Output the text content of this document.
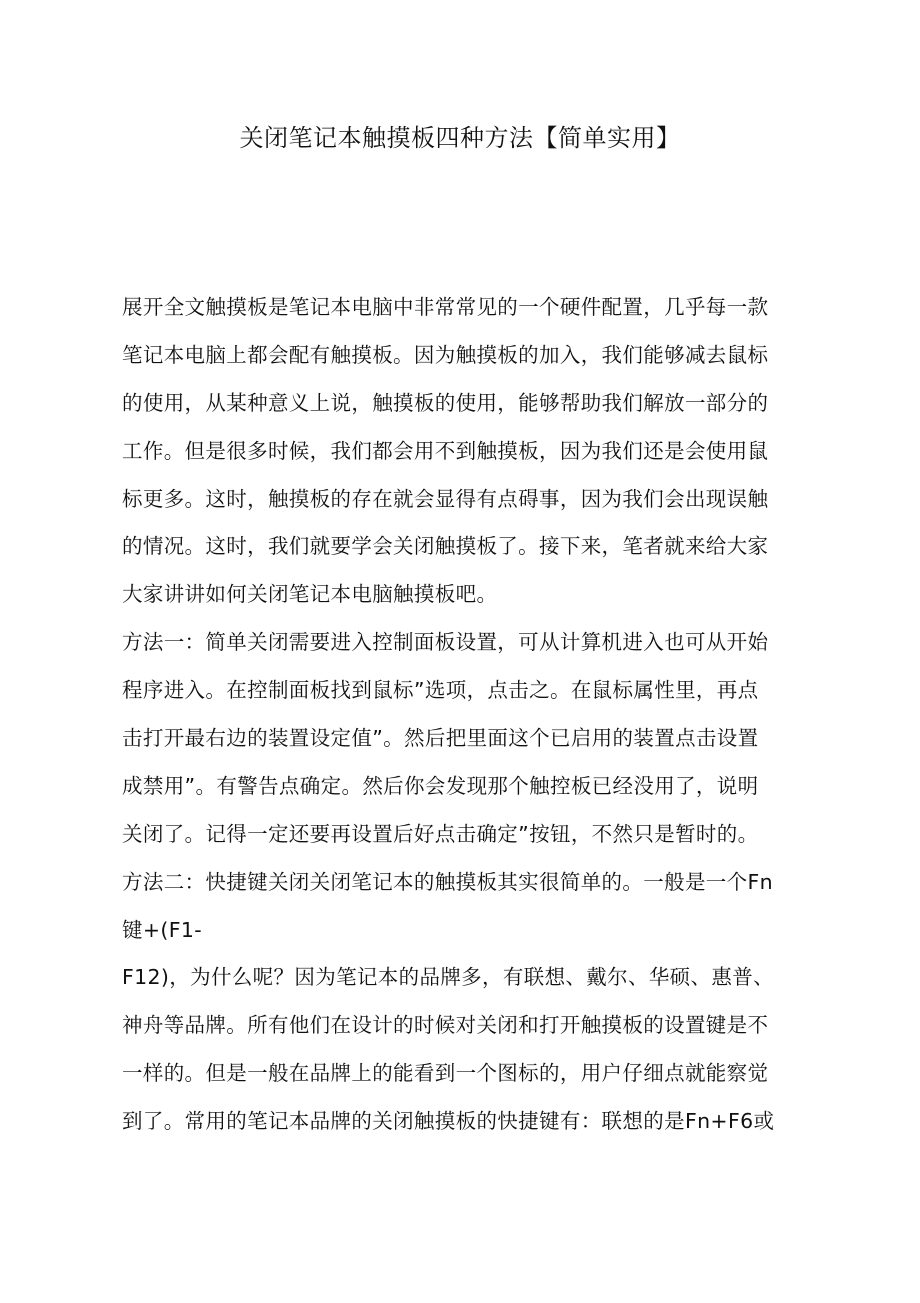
关闭笔记本触摸板四种方法【简单实用】
展开全文触摸板是笔记本电脑中非常常见的一个硬件配置，几乎每一款
笔记本电脑上都会配有触摸板。因为触摸板的加入，我们能够减去鼠标
的使用，从某种意义上说，触摸板的使用，能够帮助我们解放一部分的
工作。但是很多时候，我们都会用不到触摸板，因为我们还是会使用鼠
标更多。这时，触摸板的存在就会显得有点碍事，因为我们会出现误触
的情况。这时，我们就要学会关闭触摸板了。接下来，笔者就来给大家
大家讲讲如何关闭笔记本电脑触摸板吧。
方法一：简单关闭需要进入控制面板设置，可从计算机进入也可从开始
程序进入。在控制面板找到鼠标”选项，点击之。在鼠标属性里，再点
击打开最右边的装置设定值”。然后把里面这个已启用的装置点击设置
成禁用”。有警告点确定。然后你会发现那个触控板已经没用了，说明
关闭了。记得一定还要再设置后好点击确定”按钮，不然只是暂时的。
方法二：快捷键关闭关闭笔记本的触摸板其实很简单的。一般是一个Fn
键+(F1-
F12)，为什么呢？因为笔记本的品牌多，有联想、戴尔、华硕、惠普、
神舟等品牌。所有他们在设计的时候对关闭和打开触摸板的设置键是不
一样的。但是一般在品牌上的能看到一个图标的，用户仔细点就能察觉
到了。常用的笔记本品牌的关闭触摸板的快捷键有：联想的是Fn+F6或
